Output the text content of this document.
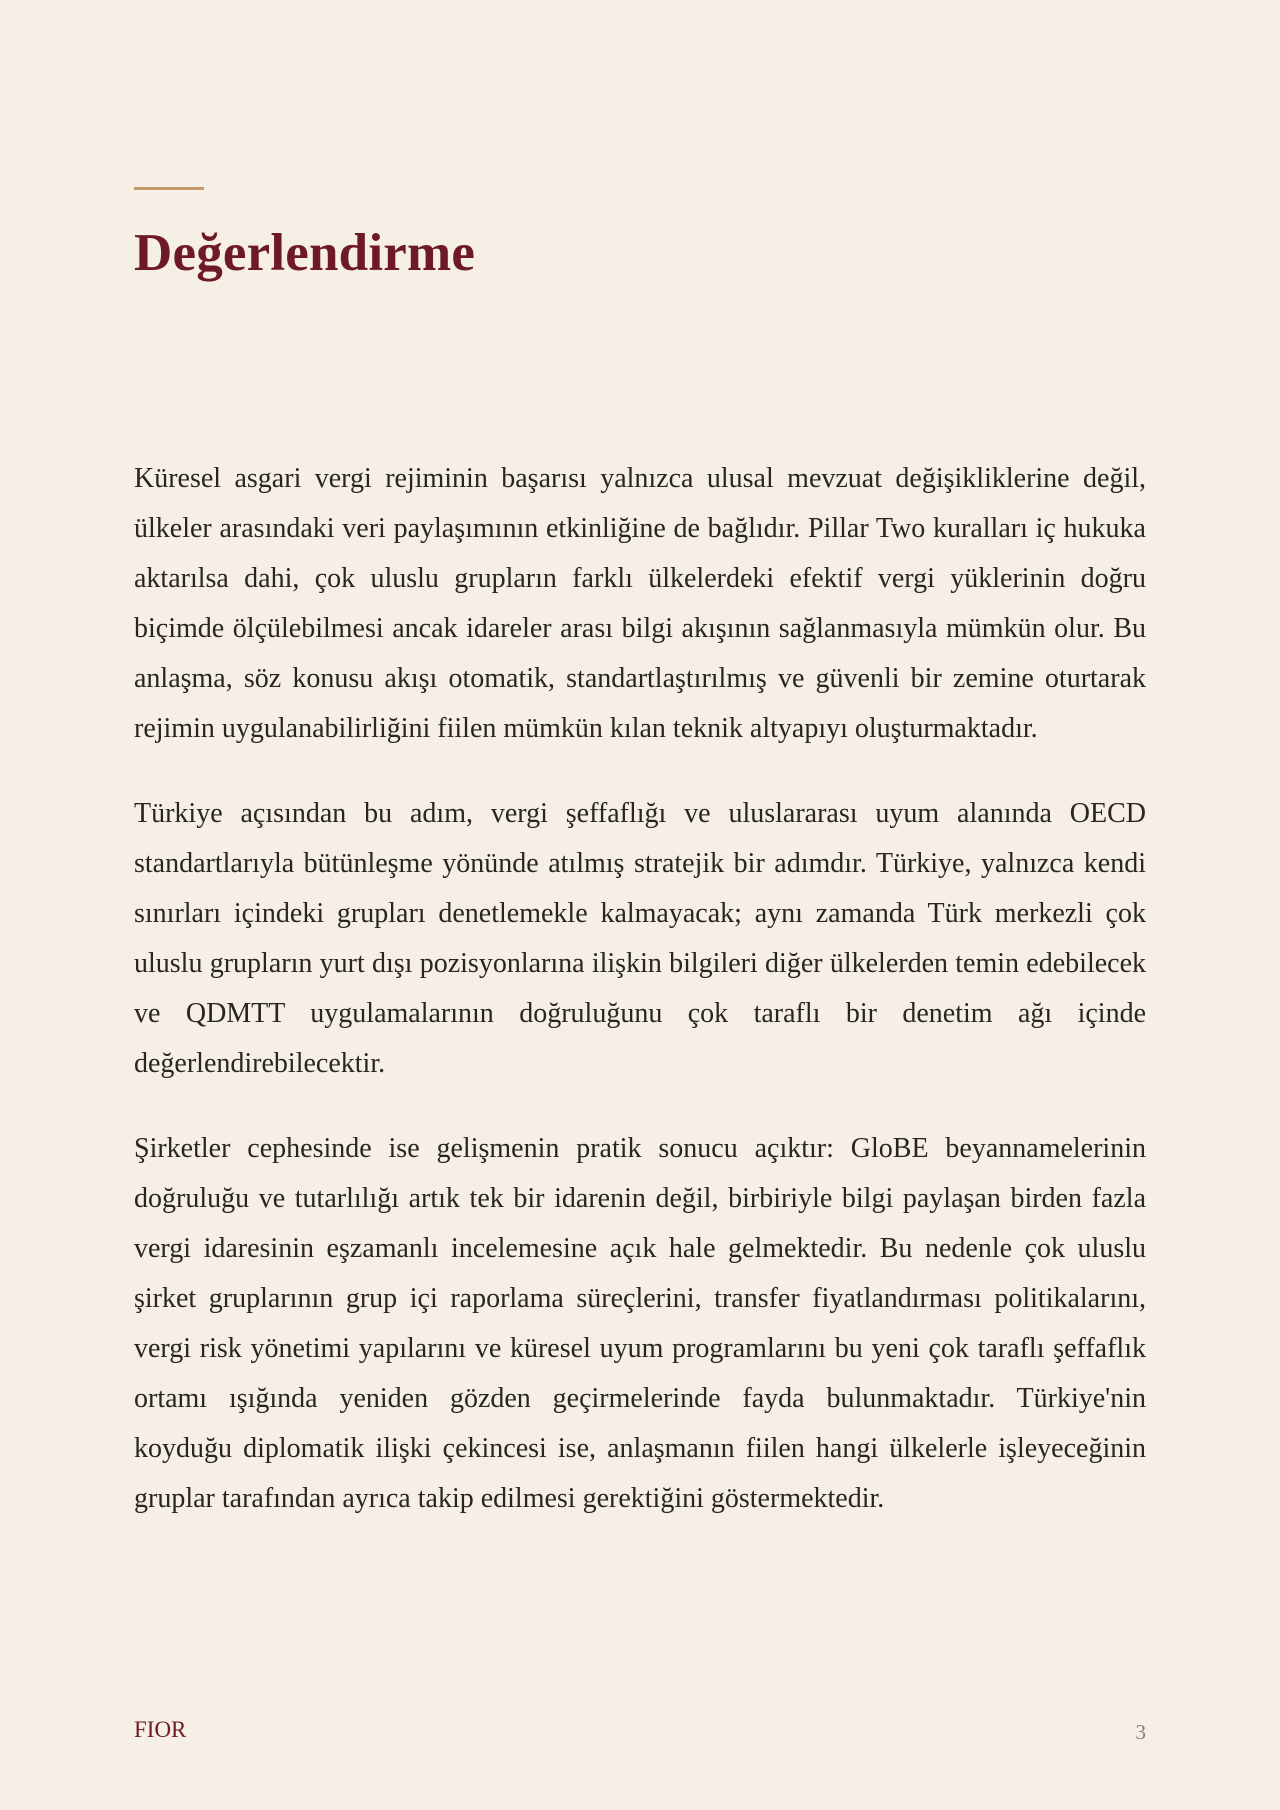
Değerlendirme

Küresel asgari vergi rejiminin başarısı yalnızca ulusal mevzuat değişikliklerine değil, ülkeler arasındaki veri paylaşımının etkinliğine de bağlıdır. Pillar Two kuralları iç hukuka aktarılsa dahi, çok uluslu grupların farklı ülkelerdeki efektif vergi yüklerinin doğru biçimde ölçülebilmesi ancak idareler arası bilgi akışının sağlanmasıyla mümkün olur. Bu anlaşma, söz konusu akışı otomatik, standartlaştırılmış ve güvenli bir zemine oturtarak rejimin uygulanabilirliğini fiilen mümkün kılan teknik altyapıyı oluşturmaktadır.

Türkiye açısından bu adım, vergi şeffaflığı ve uluslararası uyum alanında OECD standartlarıyla bütünleşme yönünde atılmış stratejik bir adımdır. Türkiye, yalnızca kendi sınırları içindeki grupları denetlemekle kalmayacak; aynı zamanda Türk merkezli çok uluslu grupların yurt dışı pozisyonlarına ilişkin bilgileri diğer ülkelerden temin edebilecek ve QDMTT uygulamalarının doğruluğunu çok taraflı bir denetim ağı içinde değerlendirebilecektir.

Şirketler cephesinde ise gelişmenin pratik sonucu açıktır: GloBE beyannamelerinin doğruluğu ve tutarlılığı artık tek bir idarenin değil, birbiriyle bilgi paylaşan birden fazla vergi idaresinin eşzamanlı incelemesine açık hale gelmektedir. Bu nedenle çok uluslu şirket gruplarının grup içi raporlama süreçlerini, transfer fiyatlandırması politikalarını, vergi risk yönetimi yapılarını ve küresel uyum programlarını bu yeni çok taraflı şeffaflık ortamı ışığında yeniden gözden geçirmelerinde fayda bulunmaktadır. Türkiye'nin koyduğu diplomatik ilişki çekincesi ise, anlaşmanın fiilen hangi ülkelerle işleyeceğinin gruplar tarafından ayrıca takip edilmesi gerektiğini göstermektedir.

FIOR	3
